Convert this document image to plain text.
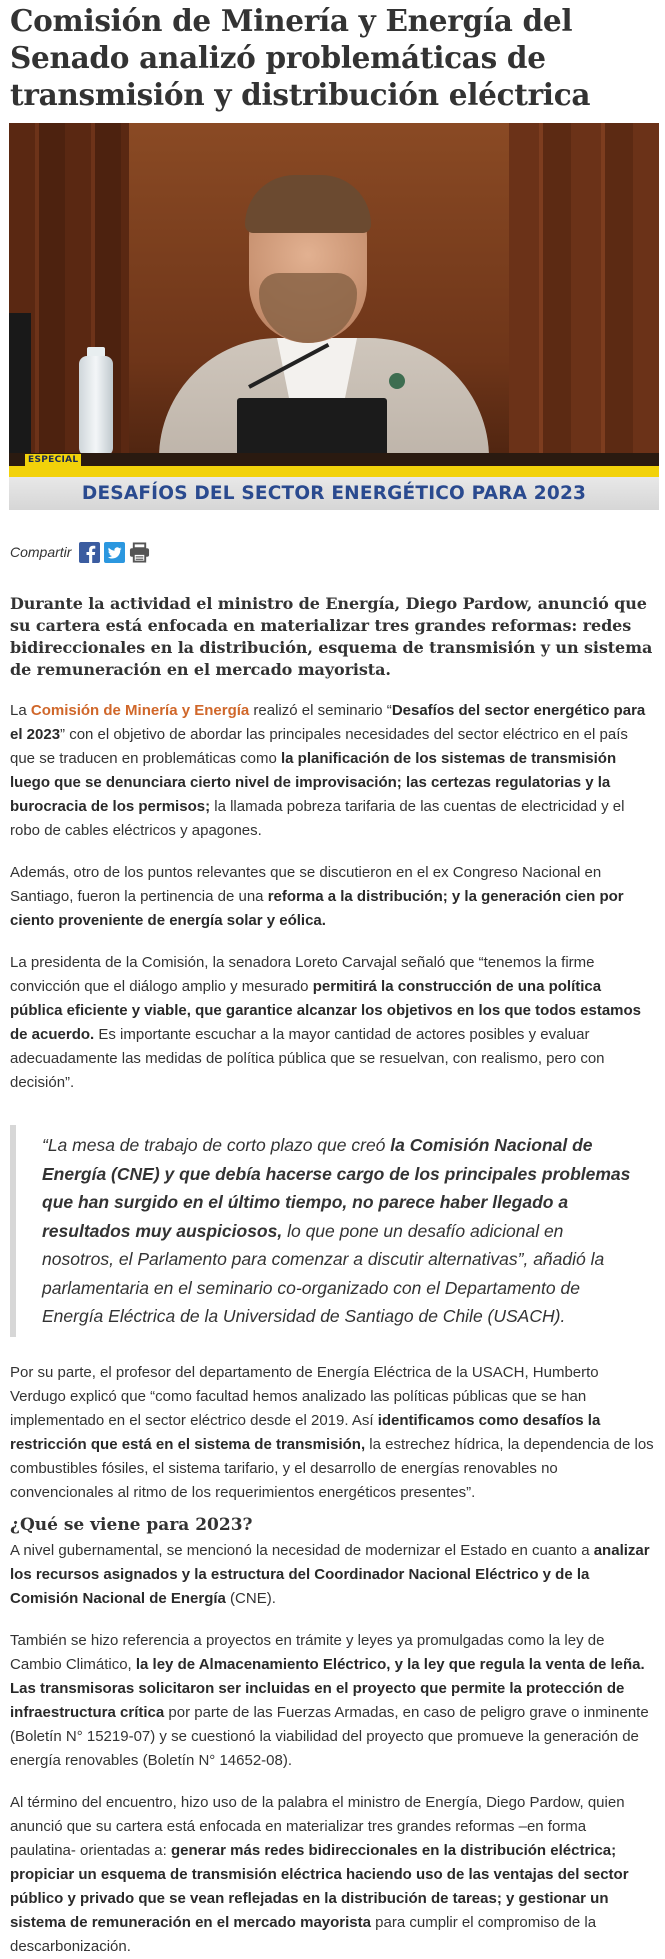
Comisión de Minería y Energía del Senado analizó problemáticas de transmisión y distribución eléctrica
ESPECIAL
DESAFÍOS DEL SECTOR ENERGÉTICO PARA 2023
Compartir

Durante la actividad el ministro de Energía, Diego Pardow, anunció que su cartera está enfocada en materializar tres grandes reformas: redes bidireccionales en la distribución, esquema de transmisión y un sistema de remuneración en el mercado mayorista.

La Comisión de Minería y Energía realizó el seminario “Desafíos del sector energético para el 2023” con el objetivo de abordar las principales necesidades del sector eléctrico en el país que se traducen en problemáticas como la planificación de los sistemas de transmisión luego que se denunciara cierto nivel de improvisación; las certezas regulatorias y la burocracia de los permisos; la llamada pobreza tarifaria de las cuentas de electricidad y el robo de cables eléctricos y apagones.

Además, otro de los puntos relevantes que se discutieron en el ex Congreso Nacional en Santiago, fueron la pertinencia de una reforma a la distribución; y la generación cien por ciento proveniente de energía solar y eólica.

La presidenta de la Comisión, la senadora Loreto Carvajal señaló que “tenemos la firme convicción que el diálogo amplio y mesurado permitirá la construcción de una política pública eficiente y viable, que garantice alcanzar los objetivos en los que todos estamos de acuerdo. Es importante escuchar a la mayor cantidad de actores posibles y evaluar adecuadamente las medidas de política pública que se resuelvan, con realismo, pero con decisión”.

“La mesa de trabajo de corto plazo que creó la Comisión Nacional de Energía (CNE) y que debía hacerse cargo de los principales problemas que han surgido en el último tiempo, no parece haber llegado a resultados muy auspiciosos, lo que pone un desafío adicional en nosotros, el Parlamento para comenzar a discutir alternativas”, añadió la parlamentaria en el seminario co-organizado con el Departamento de Energía Eléctrica de la Universidad de Santiago de Chile (USACH).

Por su parte, el profesor del departamento de Energía Eléctrica de la USACH, Humberto Verdugo explicó que “como facultad hemos analizado las políticas públicas que se han implementado en el sector eléctrico desde el 2019. Así identificamos como desafíos la restricción que está en el sistema de transmisión, la estrechez hídrica, la dependencia de los combustibles fósiles, el sistema tarifario, y el desarrollo de energías renovables no convencionales al ritmo de los requerimientos energéticos presentes”.

¿Qué se viene para 2023?

A nivel gubernamental, se mencionó la necesidad de modernizar el Estado en cuanto a analizar los recursos asignados y la estructura del Coordinador Nacional Eléctrico y de la Comisión Nacional de Energía (CNE).

También se hizo referencia a proyectos en trámite y leyes ya promulgadas como la ley de Cambio Climático, la ley de Almacenamiento Eléctrico, y la ley que regula la venta de leña. Las transmisoras solicitaron ser incluidas en el proyecto que permite la protección de infraestructura crítica por parte de las Fuerzas Armadas, en caso de peligro grave o inminente (Boletín N° 15219-07) y se cuestionó la viabilidad del proyecto que promueve la generación de energía renovables (Boletín N° 14652-08).

Al término del encuentro, hizo uso de la palabra el ministro de Energía, Diego Pardow, quien anunció que su cartera está enfocada en materializar tres grandes reformas –en forma paulatina- orientadas a: generar más redes bidireccionales en la distribución eléctrica; propiciar un esquema de transmisión eléctrica haciendo uso de las ventajas del sector público y privado que se vean reflejadas en la distribución de tareas; y gestionar un sistema de remuneración en el mercado mayorista para cumplir el compromiso de la descarbonización.
